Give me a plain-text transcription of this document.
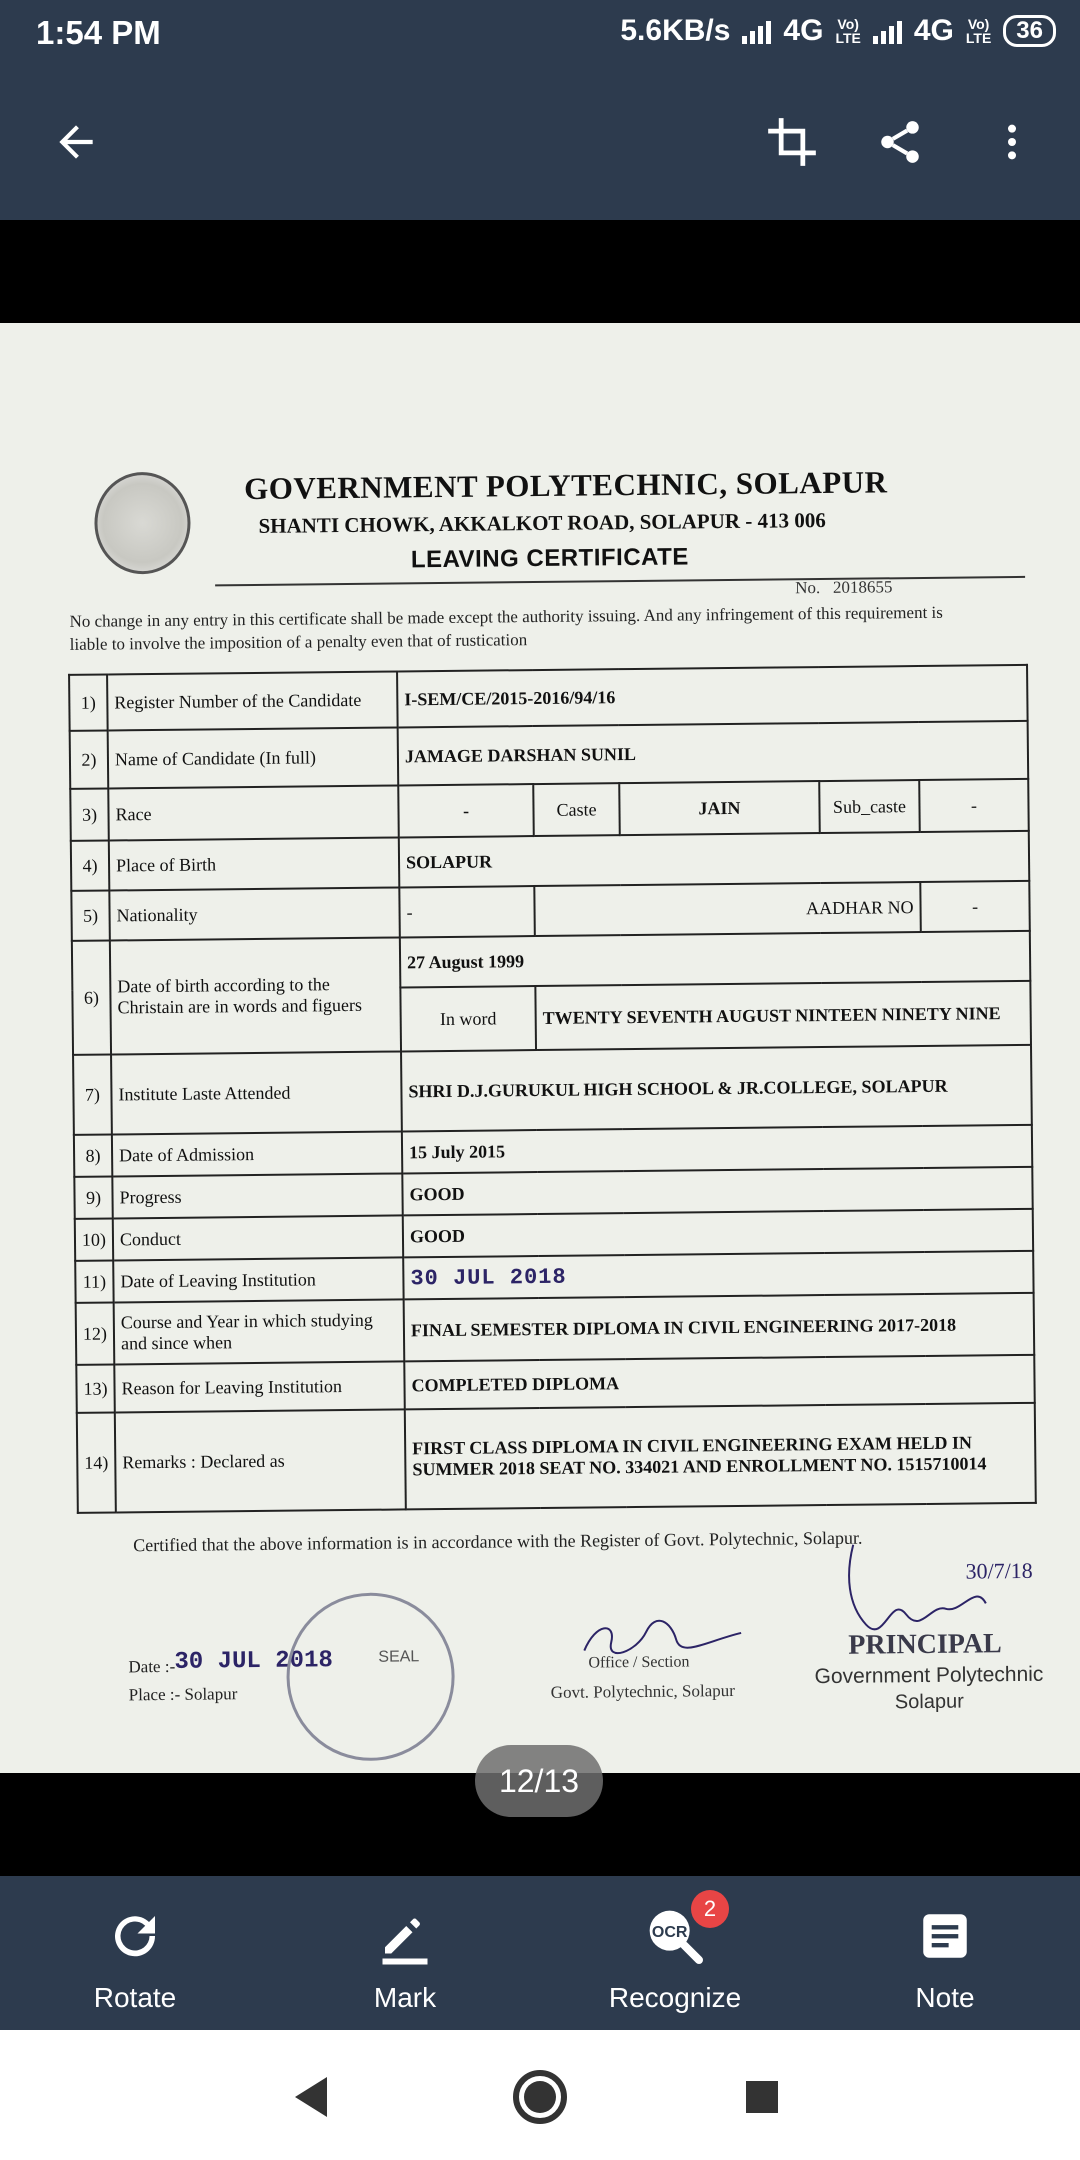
1:54 PM	5.6KB/s 4G Vo)
LTE 4G Vo)
LTE	36
GOVERNMENT POLYTECHNIC, SOLAPUR
SHANTI CHOWK, AKKALKOT ROAD, SOLAPUR - 413 006
LEAVING CERTIFICATE
No. 2018655
No change in any entry in this certificate shall be made except the authority issuing. And any infringement of this requirement is liable to involve the imposition of a penalty even that of rustication
1)	Register Number of the Candidate	I-SEM/CE/2015-2016/94/16				
2)	Name of Candidate (In full)	JAMAGE DARSHAN SUNIL				
3)	Race	-	Caste	JAIN	Sub_caste	-
4)	Place of Birth	SOLAPUR				
5)	Nationality	-	AADHAR NO			-
6)	Date of birth according to the Christain are in words and figuers	27 August 1999				
		In word	TWENTY SEVENTH AUGUST NINTEEN NINETY NINE			
7)	Institute Laste Attended	SHRI D.J.GURUKUL HIGH SCHOOL & JR.COLLEGE, SOLAPUR				
8)	Date of Admission	15 July 2015				
9)	Progress	GOOD				
10)	Conduct	GOOD				
11)	Date of Leaving Institution	30 JUL 2018				
12)	Course and Year in which studying and since when	FINAL SEMESTER DIPLOMA IN CIVIL ENGINEERING 2017-2018				
13)	Reason for Leaving Institution	COMPLETED DIPLOMA				
14)	Remarks : Declared as	FIRST CLASS DIPLOMA IN CIVIL ENGINEERING EXAM HELD IN SUMMER 2018 SEAT NO. 334021 AND ENROLLMENT NO. 1515710014				
Certified that the above information is in accordance with the Register of Govt. Polytechnic, Solapur.
Date :-
30 JUL 2018
Place :- Solapur
SEAL	Office / Section
Govt. Polytechnic, Solapur
30/7/18
PRINCIPAL
Government Polytechnic
Solapur
12/13
Rotate	Mark
OCR
2
Recognize	Note
